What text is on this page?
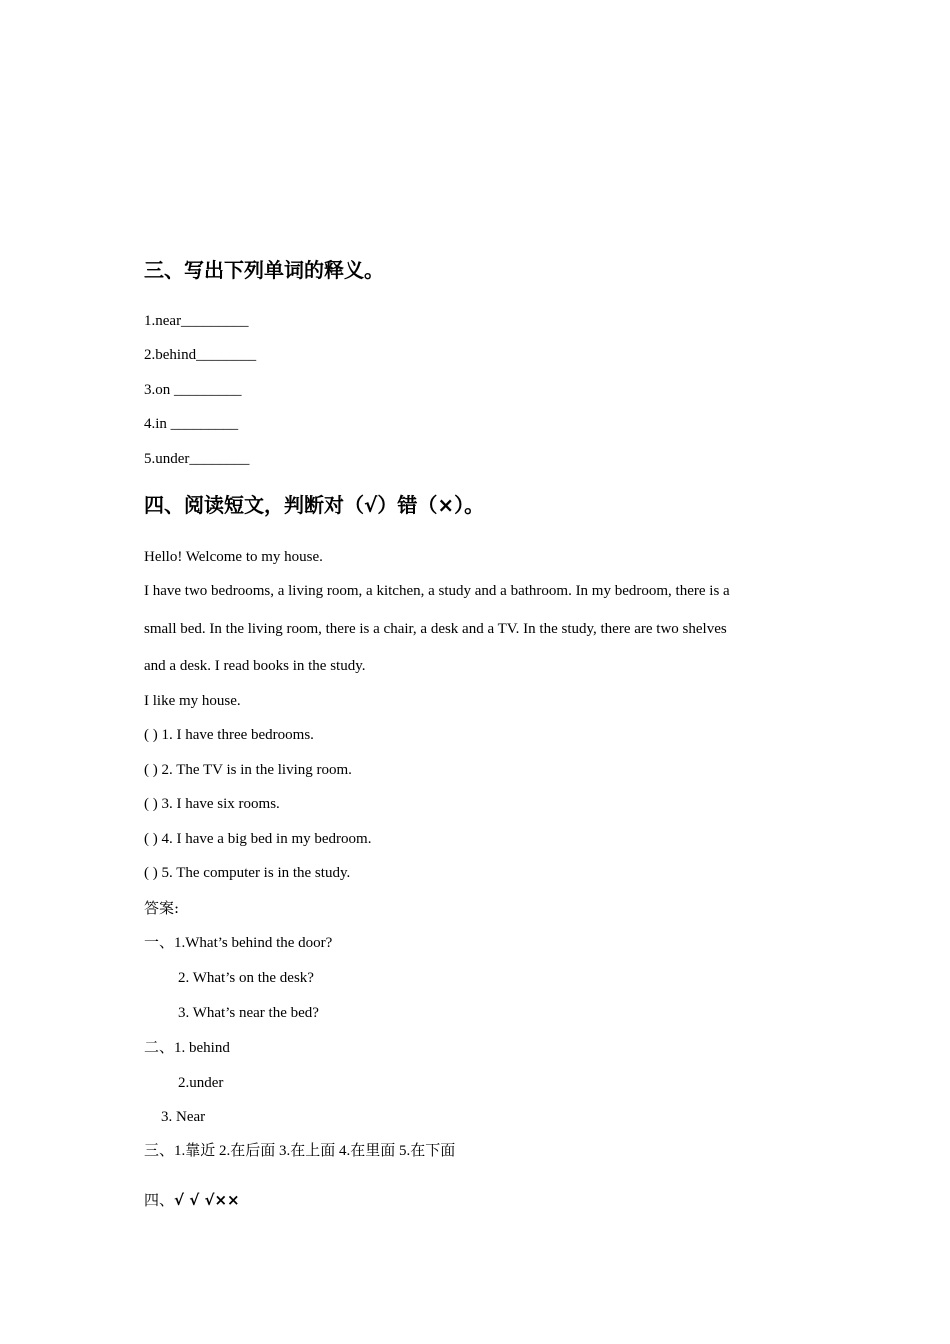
三、写出下列单词的释义。
1.near_________
2.behind________
3.on _________
4.in _________
5.under________
四、阅读短文，判断对（√）错（×）。
Hello! Welcome to my house.
I have two bedrooms, a living room, a kitchen, a study and a bathroom. In my bedroom, there is a
small bed. In the living room, there is a chair, a desk and a TV. In the study, there are two shelves
and a desk. I read books in the study.
I like my house.
( ) 1. I have three bedrooms.
( ) 2. The TV is in the living room.
( ) 3. I have six rooms.
( ) 4. I have a big bed in my bedroom.
( ) 5. The computer is in the study.
答案:
一、1.What’s behind the door?
2. What’s on the desk?
3. What’s near the bed?
二、1. behind
2.under
3. Near
三、1.靠近 2.在后面 3.在上面 4.在里面 5.在下面
四、√ √ √××
